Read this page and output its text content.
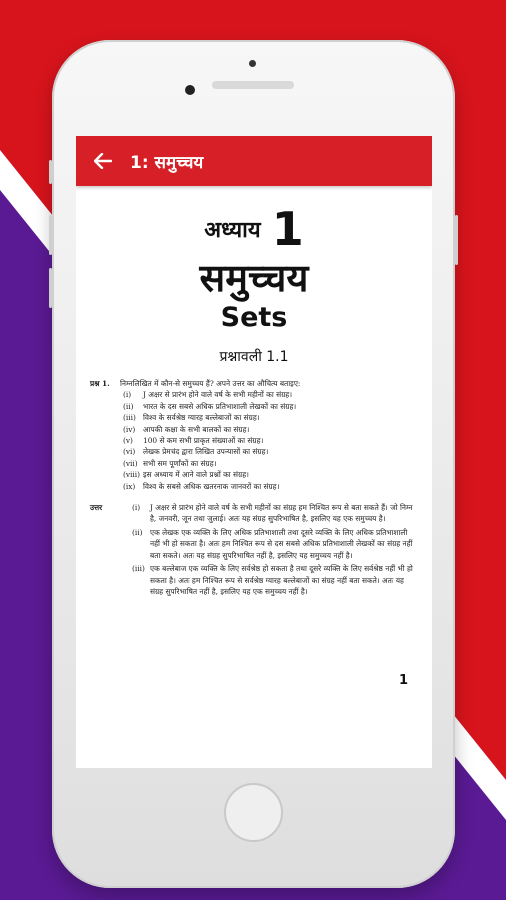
1: समुच्चय
अध्याय 1
समुच्चय
Sets
प्रश्नावली 1.1
प्रश्न 1.	निम्नलिखित में कौन-से समुच्चय हैं? अपने उत्तर का औचित्य बताइए:
(i)	J अक्षर से प्रारंभ होने वाले वर्ष के सभी महीनों का संग्रह।
(ii)	भारत के दस सबसे अधिक प्रतिभाशाली लेखकों का संग्रह।
(iii) विश्व के सर्वश्रेष्ठ ग्यारह बल्लेबाजों का संग्रह।
(iv)	आपकी कक्षा के सभी बालकों का संग्रह।
(v)	100 से कम सभी प्राकृत संख्याओं का संग्रह।
(vi)	लेखक प्रेमचंद द्वारा लिखित उपन्यासों का संग्रह।
(vii) सभी सम पूर्णांकों का संग्रह।
(viii) इस अध्याय में आने वाले प्रश्नों का संग्रह।
(ix)	विश्व के सबसे अधिक खतरनाक जानवरों का संग्रह।
उत्तर	(i)	J अक्षर से प्रारंभ होने वाले वर्ष के सभी महीनों का संग्रह हम निश्चित रूप से बता सकते हैं। जो निम्न है, जनवरी, जून तथा जुलाई। अतः यह संग्रह सुपरिभाषित है, इसलिए यह एक समुच्चय है।
(ii)	एक लेखक एक व्यक्ति के लिए अधिक प्रतिभाशाली तथा दूसरे व्यक्ति के लिए अधिक प्रतिभाशाली नहीं भी हो सकता है। अतः हम निश्चित रूप से दस सबसे अधिक प्रतिभाशाली लेखकों का संग्रह नहीं बता सकते। अतः यह संग्रह सुपरिभाषित नहीं है, इसलिए यह समुच्चय नहीं है।
(iii) एक बल्लेबाज एक व्यक्ति के लिए सर्वश्रेष्ठ हो सकता है तथा दूसरे व्यक्ति के लिए सर्वश्रेष्ठ नहीं भी हो सकता है। अतः हम निश्चित रूप से सर्वश्रेष्ठ ग्यारह बल्लेबाजों का संग्रह नहीं बता सकते। अतः यह संग्रह सुपरिभाषित नहीं है, इसलिए यह एक समुच्चय नहीं है।
1
